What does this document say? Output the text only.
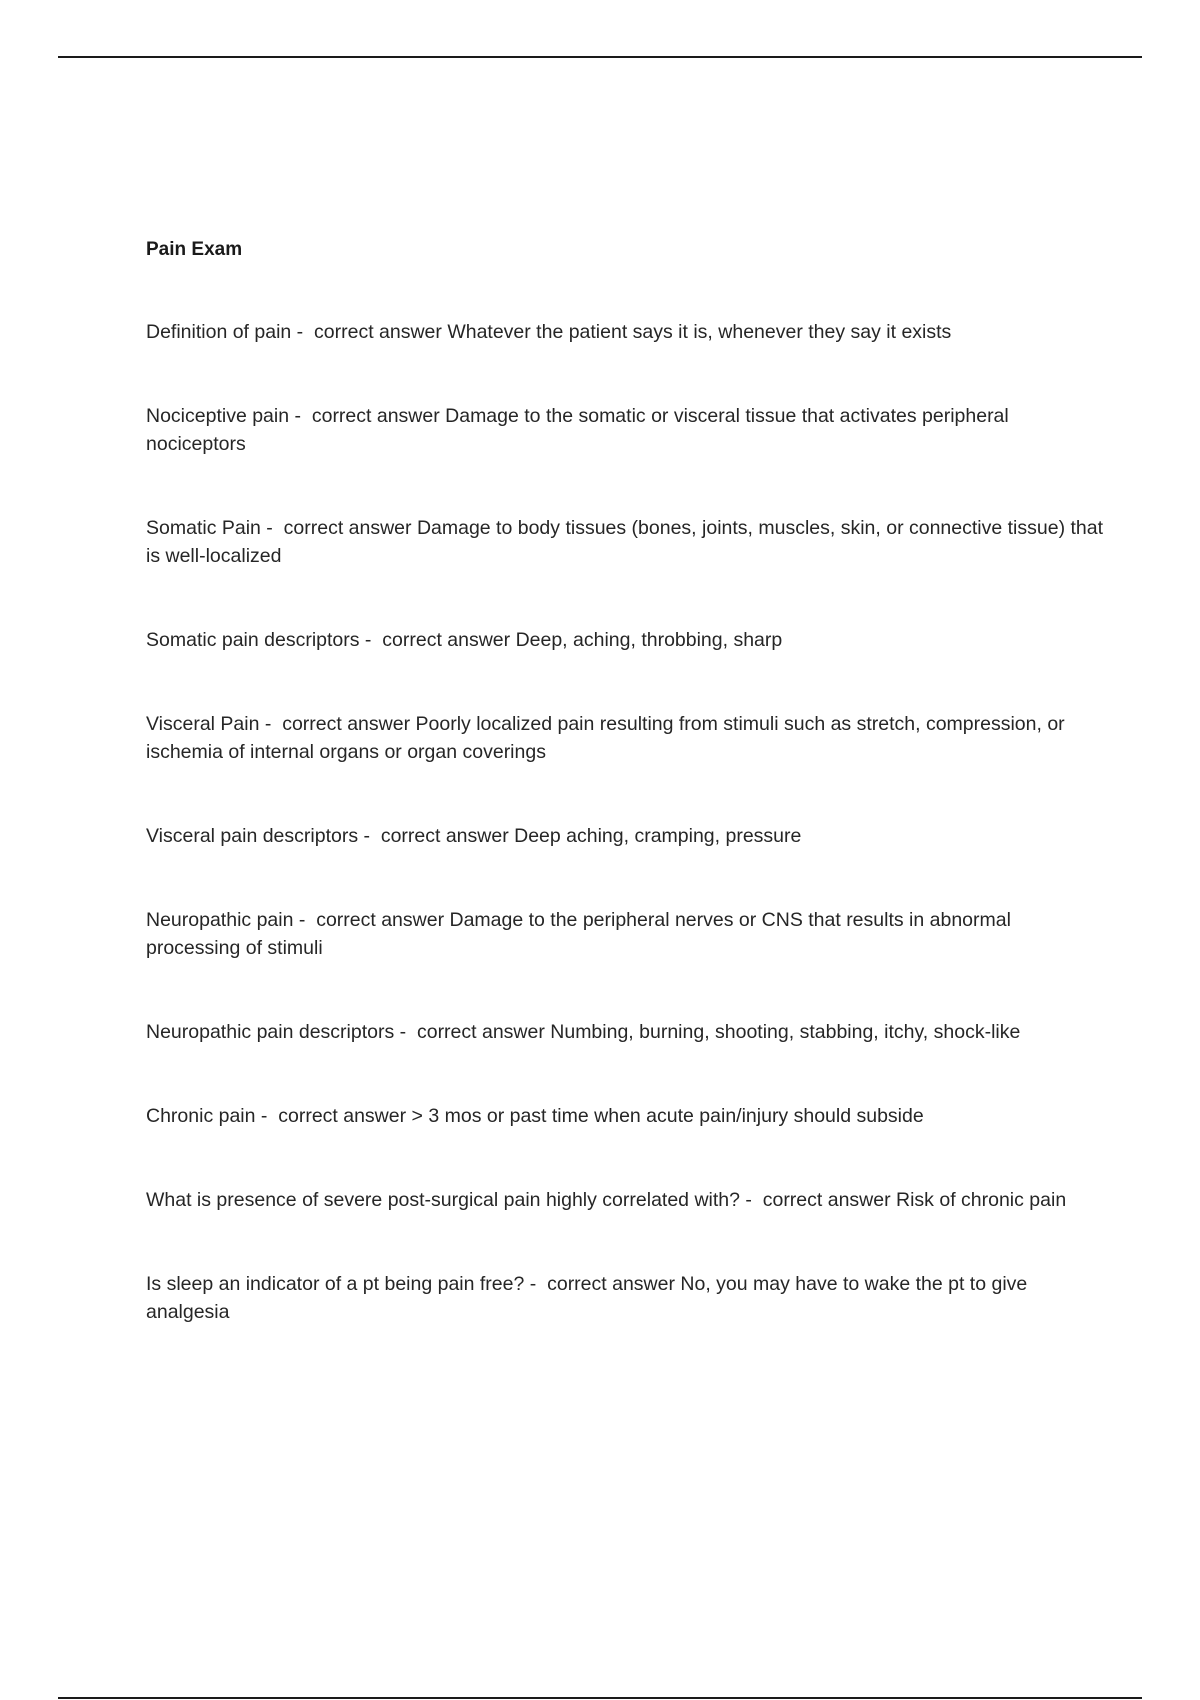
Pain Exam
Definition of pain -  correct answer Whatever the patient says it is, whenever they say it exists
Nociceptive pain -  correct answer Damage to the somatic or visceral tissue that activates peripheral nociceptors
Somatic Pain -  correct answer Damage to body tissues (bones, joints, muscles, skin, or connective tissue) that is well-localized
Somatic pain descriptors -  correct answer Deep, aching, throbbing, sharp
Visceral Pain -  correct answer Poorly localized pain resulting from stimuli such as stretch, compression, or ischemia of internal organs or organ coverings
Visceral pain descriptors -  correct answer Deep aching, cramping, pressure
Neuropathic pain -  correct answer Damage to the peripheral nerves or CNS that results in abnormal processing of stimuli
Neuropathic pain descriptors -  correct answer Numbing, burning, shooting, stabbing, itchy, shock-like
Chronic pain -  correct answer > 3 mos or past time when acute pain/injury should subside
What is presence of severe post-surgical pain highly correlated with? -  correct answer Risk of chronic pain
Is sleep an indicator of a pt being pain free? -  correct answer No, you may have to wake the pt to give analgesia
